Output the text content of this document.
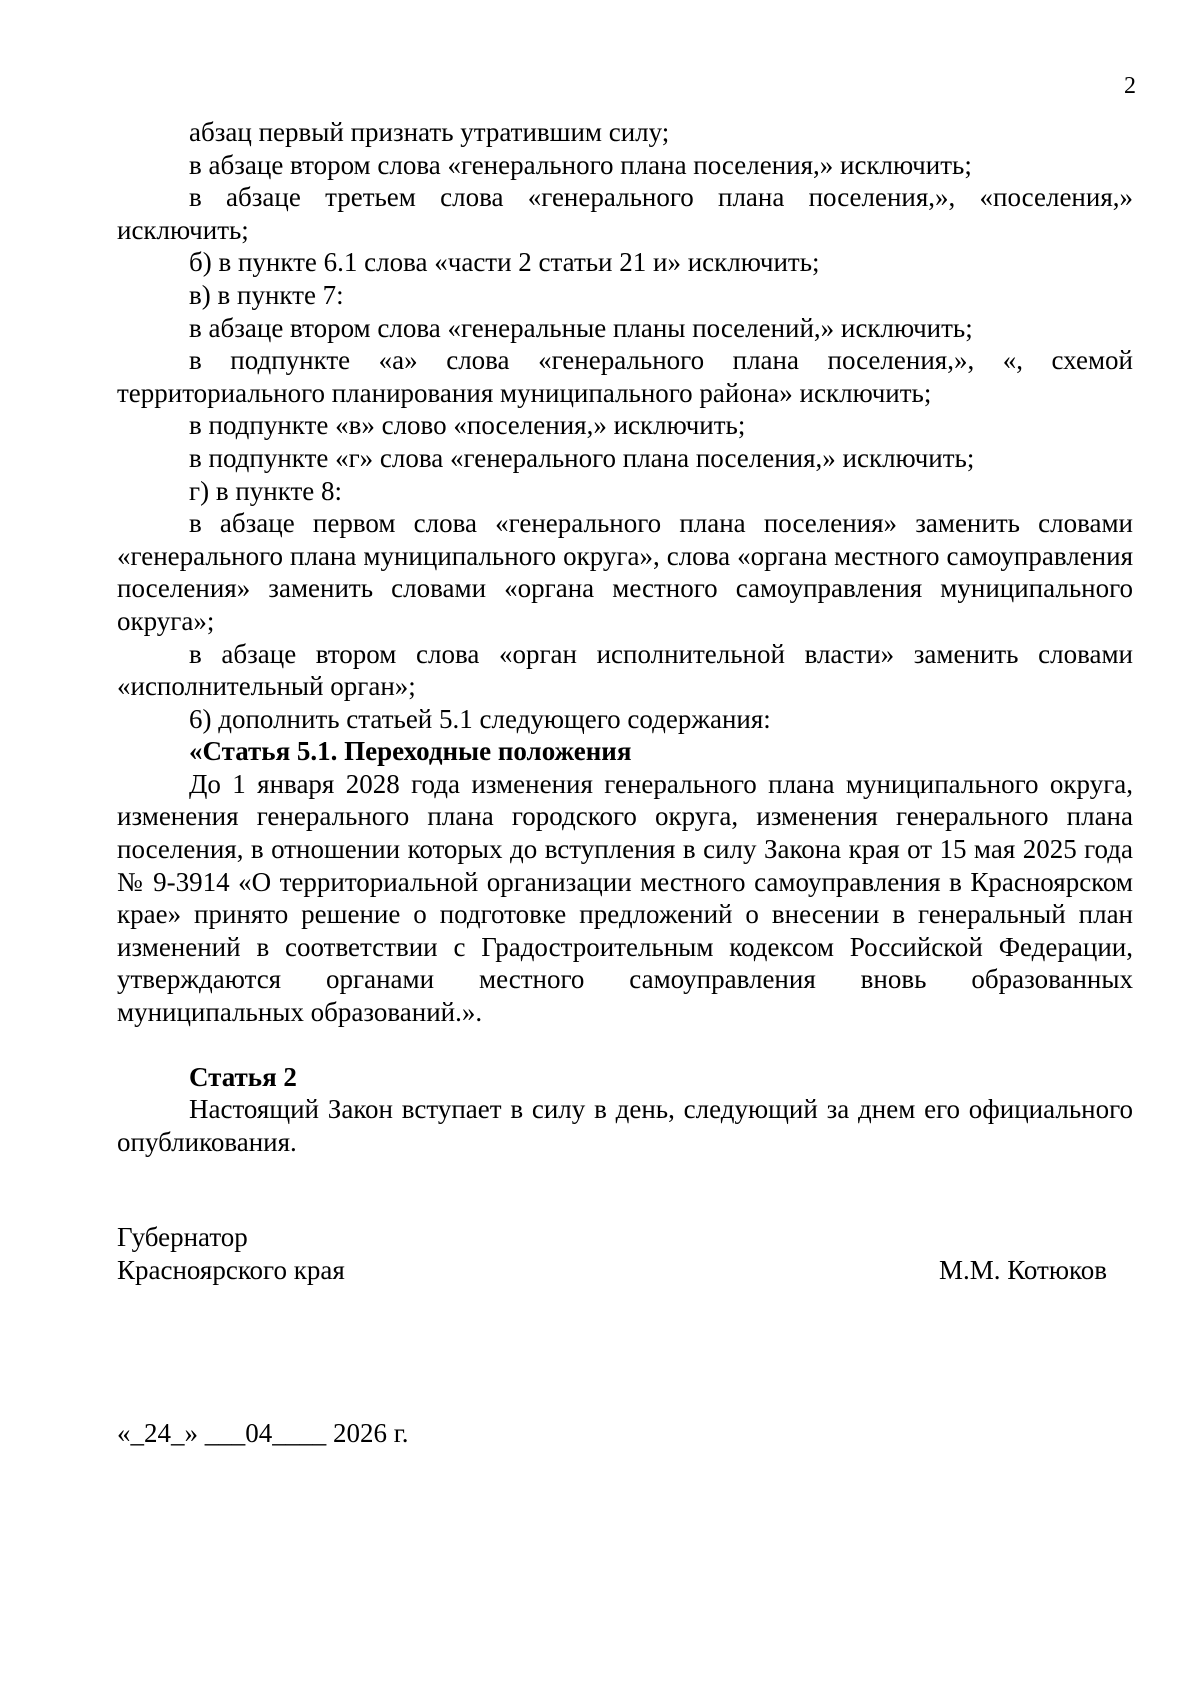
2

абзац первый признать утратившим силу;

в абзаце втором слова «генерального плана поселения,» исключить;

в абзаце третьем слова «генерального плана поселения,», «поселения,» исключить;

б) в пункте 6.1 слова «части 2 статьи 21 и» исключить;

в) в пункте 7:

в абзаце втором слова «генеральные планы поселений,» исключить;

в подпункте «а» слова «генерального плана поселения,», «, схемой территориального планирования муниципального района» исключить;

в подпункте «в» слово «поселения,» исключить;

в подпункте «г» слова «генерального плана поселения,» исключить;

г) в пункте 8:

в абзаце первом слова «генерального плана поселения» заменить словами «генерального плана муниципального округа», слова «органа местного самоуправления поселения» заменить словами «органа местного самоуправления муниципального округа»;

в абзаце втором слова «орган исполнительной власти» заменить словами «исполнительный орган»;

6) дополнить статьей 5.1 следующего содержания:

«Статья 5.1. Переходные положения

До 1 января 2028 года изменения генерального плана муниципального округа, изменения генерального плана городского округа, изменения генерального плана поселения, в отношении которых до вступления в силу Закона края от 15 мая 2025 года № 9-3914 «О территориальной организации местного самоуправления в Красноярском крае» принято решение о подготовке предложений о внесении в генеральный план изменений в соответствии с Градостроительным кодексом Российской Федерации, утверждаются органами местного самоуправления вновь образованных муниципальных образований.».

Статья 2

Настоящий Закон вступает в силу в день, следующий за днем его официального опубликования.

Губернатор
Красноярского края	М.М. Котюков
«_24_» ___04____ 2026 г.
